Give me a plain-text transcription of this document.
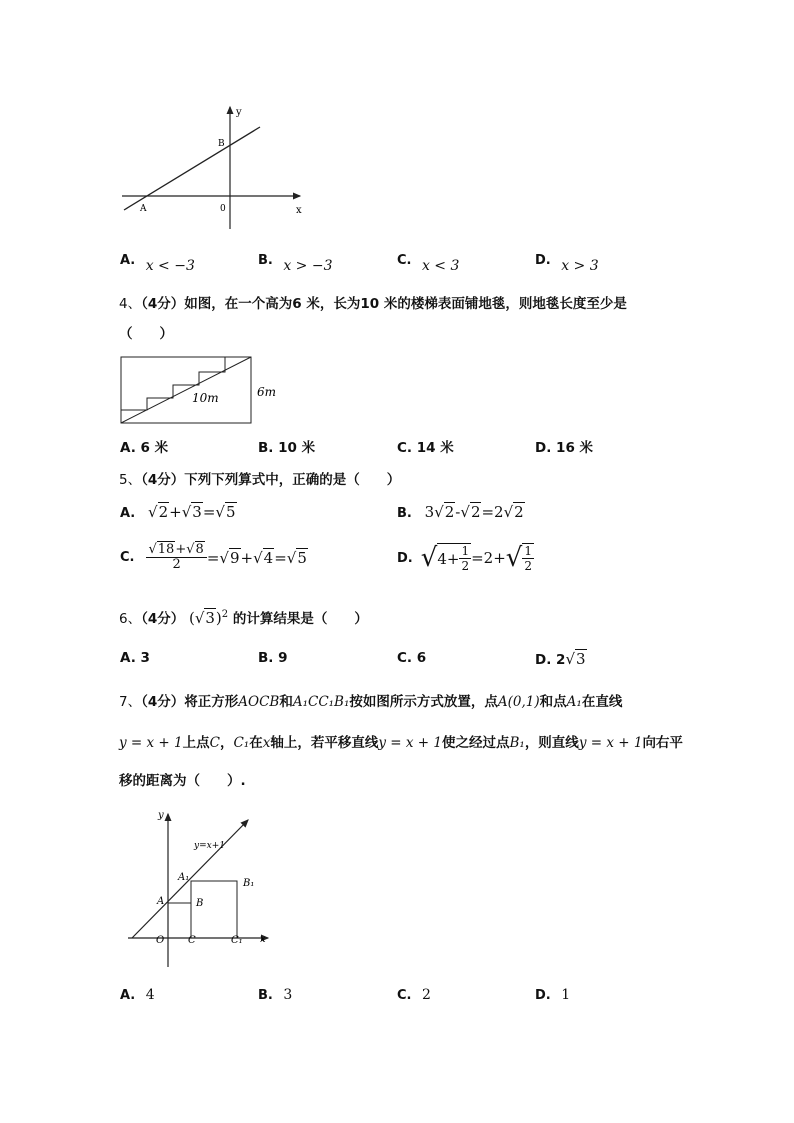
y
x
A
B
0
A. x < −3	B. x > −3	C. x < 3	D. x > 3
4、（4分）如图，在一个高为6 米，长为10 米的楼梯表面铺地毯，则地毯长度至少是
（　　）
10m	6m
A. 6 米	B. 10 米	C. 14 米	D. 16 米
5、（4分）下列下列算式中，正确的是（　　）
A. √2+√3=√5	B. 3√2-√2=2√2
C. $\frac{√18+√8}{2} =√9+√4=√5$	D. √ $4+ \frac{1}{2} =2+$ √ $\frac{1}{2}$
6、（4分） $(√3)^2$ 的计算结果是（　　）
A. 3	B. 9	C. 6	D. 2√3
7、（4分）将正方形AOCB和A₁CC₁B₁按如图所示方式放置，点A(0,1)和点A₁在直线
y = x + 1上点C，C₁在x轴上，若平移直线y = x + 1使之经过点B₁，则直线y = x + 1向右平
移的距离为（　　）.
y
x
y=x+1
A₁
B₁
A	B
O C	C₁
A. 4	B. 3	C. 2	D. 1
